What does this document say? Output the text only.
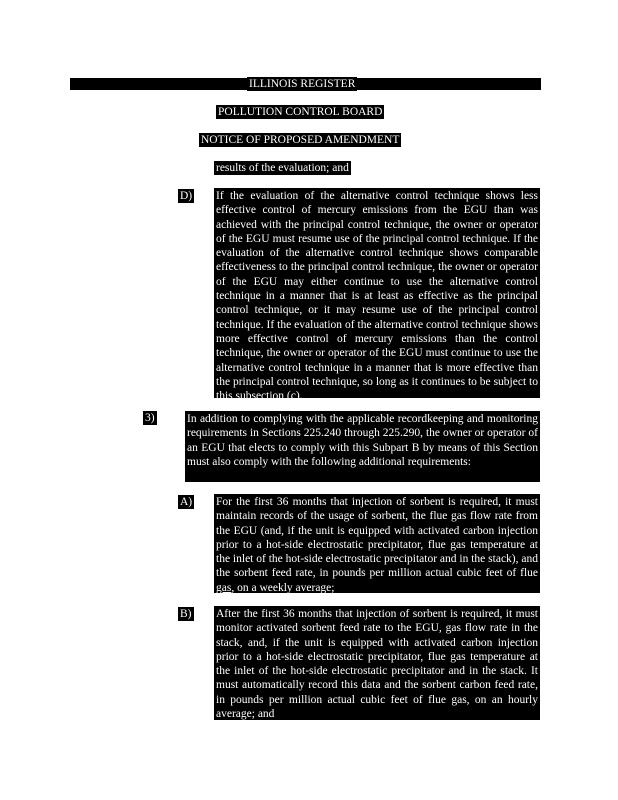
ILLINOIS REGISTER
POLLUTION CONTROL BOARD
NOTICE OF PROPOSED AMENDMENT
results of the evaluation; and
D) If the evaluation of the alternative control technique shows less effective control of mercury emissions from the EGU than was achieved with the principal control technique, the owner or operator of the EGU must resume use of the principal control technique. If the evaluation of the alternative control technique shows comparable effectiveness to the principal control technique, the owner or operator of the EGU may either continue to use the alternative control technique in a manner that is at least as effective as the principal control technique, or it may resume use of the principal control technique. If the evaluation of the alternative control technique shows more effective control of mercury emissions than the control technique, the owner or operator of the EGU must continue to use the alternative control technique in a manner that is more effective than the principal control technique, so long as it continues to be subject to this subsection (c).
3)	In addition to complying with the applicable recordkeeping and monitoring requirements in Sections 225.240 through 225.290, the owner or operator of an EGU that elects to comply with this Subpart B by means of this Section must also comply with the following additional requirements:
A) For the first 36 months that injection of sorbent is required, it must maintain records of the usage of sorbent, the flue gas flow rate from the EGU (and, if the unit is equipped with activated carbon injection prior to a hot-side electrostatic precipitator, flue gas temperature at the inlet of the hot-side electrostatic precipitator and in the stack), and the sorbent feed rate, in pounds per million actual cubic feet of flue gas, on a weekly average;
B) After the first 36 months that injection of sorbent is required, it must monitor activated sorbent feed rate to the EGU, gas flow rate in the stack, and, if the unit is equipped with activated carbon injection prior to a hot-side electrostatic precipitator, flue gas temperature at the inlet of the hot-side electrostatic precipitator and in the stack. It must automatically record this data and the sorbent carbon feed rate, in pounds per million actual cubic feet of flue gas, on an hourly average; and
